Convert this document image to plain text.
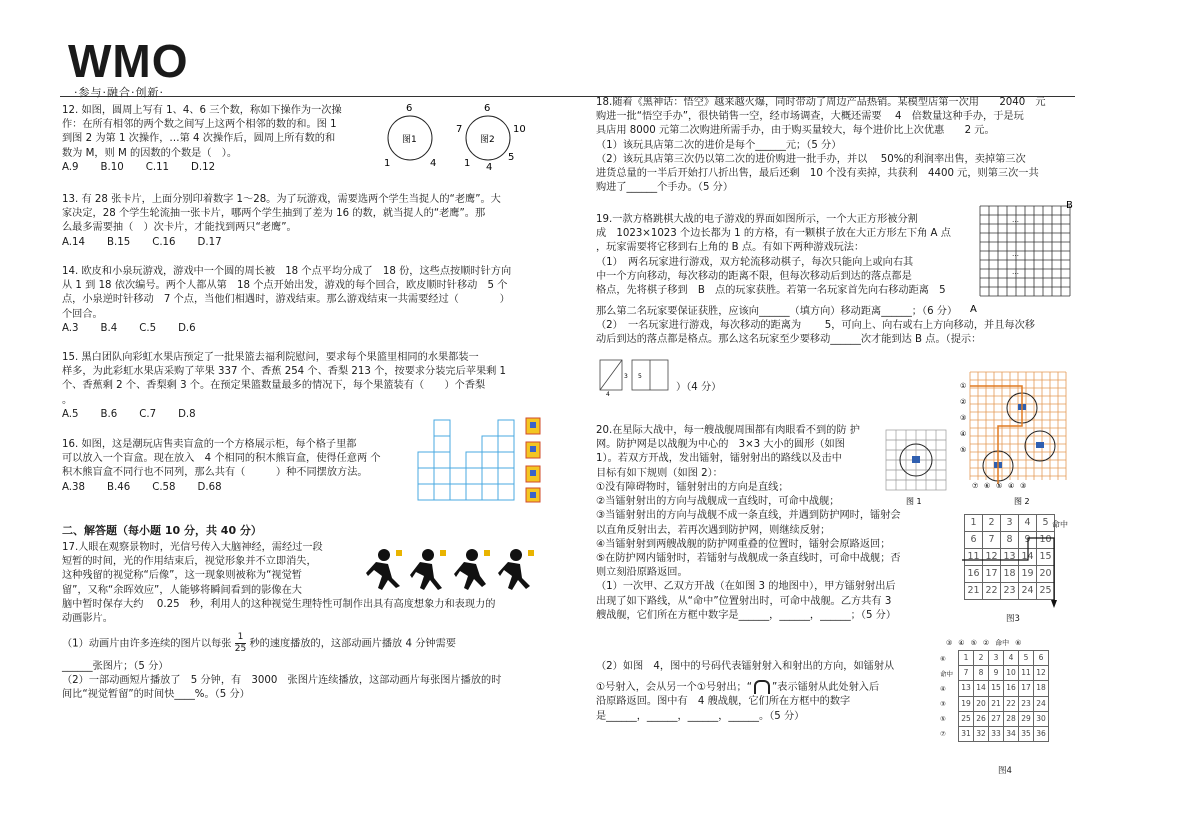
WMO
·参与·融合·创新·

12. 如图，圆周上写有 1、4、6 三个数，称如下操作为一次操

作：在所有相邻的两个数之间写上这两个相邻的数的和。图 1

到图 2 为第 1 次操作，…第 4 次操作后，圆周上所有数的和

数为 M，则 M 的因数的个数是（　）。

A.9 B.10 C.11 D.12

图1
6
1	4
图2
6
7	10
1
5
4

13. 有 28 张卡片，上面分别印着数字 1～28。为了玩游戏，需要选两个学生当捉人的“老鹰”。大

家决定，28 个学生轮流抽一张卡片，哪两个学生抽到了差为 16 的数，就当捉人的“老鹰”。那

么最多需要抽（　）次卡片，才能找到两只“老鹰”。

A.14 B.15 C.16 D.17

14. 欧皮和小泉玩游戏，游戏中一个圆的周长被　18 个点平均分成了　18 份，这些点按顺时针方向

从 1 到 18 依次编号。两个人都从第　18 个点开始出发，游戏的每个回合，欧皮顺时针移动　5 个

点，小泉逆时针移动　7 个点，当他们相遇时，游戏结束。那么游戏结束一共需要经过（　　　　）

个回合。

A.3 B.4 C.5 D.6

15. 黑白团队向彩虹水果店预定了一批果篮去福利院慰问，要求每个果篮里相同的水果都装一

样多，为此彩虹水果店采购了苹果 337 个、香蕉 254 个、香梨 213 个，按要求分装完后苹果剩 1

个、香蕉剩 2 个、香梨剩 3 个。在预定果篮数量最多的情况下，每个果篮装有（　　）个香梨

。

A.5 B.6 C.7 D.8

16. 如图，这是潮玩店售卖盲盒的一个方格展示柜，每个格子里都

可以放入一个盲盒。现在放入　4 个相同的积木熊盲盒，使得任意两 个

积木熊盲盒不同行也不同列，那么共有（　　　）种不同摆放方法。

A.38 B.46 C.58 D.68

二、解答题（每小题 10 分，共 40 分）

17.人眼在观察景物时，光信号传入大脑神经，需经过一段

短暂的时间，光的作用结束后，视觉形象并不立即消失，

这种残留的视觉称“后像”，这一现象则被称为“视觉暂

留”，又称“余晖效应”，人能够将瞬间看到的影像在大

脑中暂时保存大约　 0.25　秒，利用人的这种视觉生理特性可制作出具有高度想象力和表现力的

动画影片。

（1）动画片由许多连续的图片以每张 $\frac{1}{25}$ 秒的速度播放的，这部动画片播放 4 分钟需要

______张图片；（5 分）

（2）一部动画短片播放了　5 分钟，有　3000　张图片连续播放，这部动画片每张图片播放的时

间比“视觉暂留”的时间快____%。（5 分）

18.随着《黑神话：悟空》越来越火爆，同时带动了周边产品热销。某模型店第一次用　　2040　元

购进一批“悟空手办”，很快销售一空，经市场调查，大概还需要　 4　倍数量这种手办，于是玩

具店用 8000 元第二次购进所需手办，由于购买量较大，每个进价比上次优惠　　2 元。

（1）该玩具店第二次的进价是每个______元；（5 分）

（2）该玩具店第三次仍以第二次的进价购进一批手办，并以　 50%的利润率出售，卖掉第三次

进货总量的一半后开始打八折出售，最后还剩　10 个没有卖掉，共获利　4400 元，则第三次一共

购进了______个手办。（5 分）

19.一款方格跳棋大战的电子游戏的界面如图所示，一个大正方形被分割

成　1023×1023 个边长都为 1 的方格，有一颗棋子放在大正方形左下角 A 点

，玩家需要将它移到右上角的 B 点。有如下两种游戏玩法：

（1）　两名玩家进行游戏，双方轮流移动棋子，每次只能向上或向右其

中一个方向移动，每次移动的距离不限，但每次移动后到达的落点都是

格点，先将棋子移到　B　点的玩家获胜。若第一名玩家首先向右移动距离　5

那么第二名玩家要保证获胜，应该向______（填方向）移动距离______；（6 分）

（2）　一名玩家进行游戏，每次移动的距离为　　 5，可向上、向右或右上方向移动，并且每次移

动后到达的落点都是格点。那么这名玩家至少要移动______次才能到达 B 点。（提示：

）（4 分）
3
4
5
B
A
…
…
…

20.在星际大战中，每一艘战舰周围都有肉眼看不到的防 护

网。防护网是以战舰为中心的　3×3 大小的圆形（如图

1）。若双方开战，发出镭射，镭射射出的路线以及击中

目标有如下规则（如图 2）：

①没有障碍物时，镭射射出的方向是直线；

②当镭射射出的方向与战舰成一直线时，可命中战舰；

③当镭射射出的方向与战舰不成一条直线，并遇到防护网时，镭射会

以直角反射出去，若再次遇到防护网，则继续反射；

④当镭射射到两艘战舰的防护网重叠的位置时，镭射会原路返回；

⑤在防护网内镭射时，若镭射与战舰成一条直线时，可命中战舰；否

则立刻沿原路返回。

（1）一次甲、乙双方开战（在如图 3 的地图中），甲方镭射射出后

出现了如下路线，从“命中”位置射出时，可命中战舰。乙方共有 3

艘战舰，它们所在方框中数字是______，______，______；（5 分）

（2）如图　4，图中的号码代表镭射射入和射出的方向，如镭射从

①号射入，会从另一个①号射出；“ ”表示镭射从此处射入后

沿原路返回。图中有　4 艘战舰，它们所在方框中的数字

是______，______，______，______。（5 分）

图 1
①
②
③
④
⑤
⑦ ⑥ ⑤ ④ ③
图 2
1	2	3	4	5
6	7	8	9	10
11	12	13	14	15
16	17	18	19	20
21	22	23	24	25
命中
图3
③ ④ ⑤ ② 命中 ⑥
1	2	3	4	5	6
7	8	9	10	11	12
13	14	15	16	17	18
19	20	21	22	23	24
25	26	27	28	29	30
31	32	33	34	35	36
⑥
命中
④
③
⑤
⑦
图4
